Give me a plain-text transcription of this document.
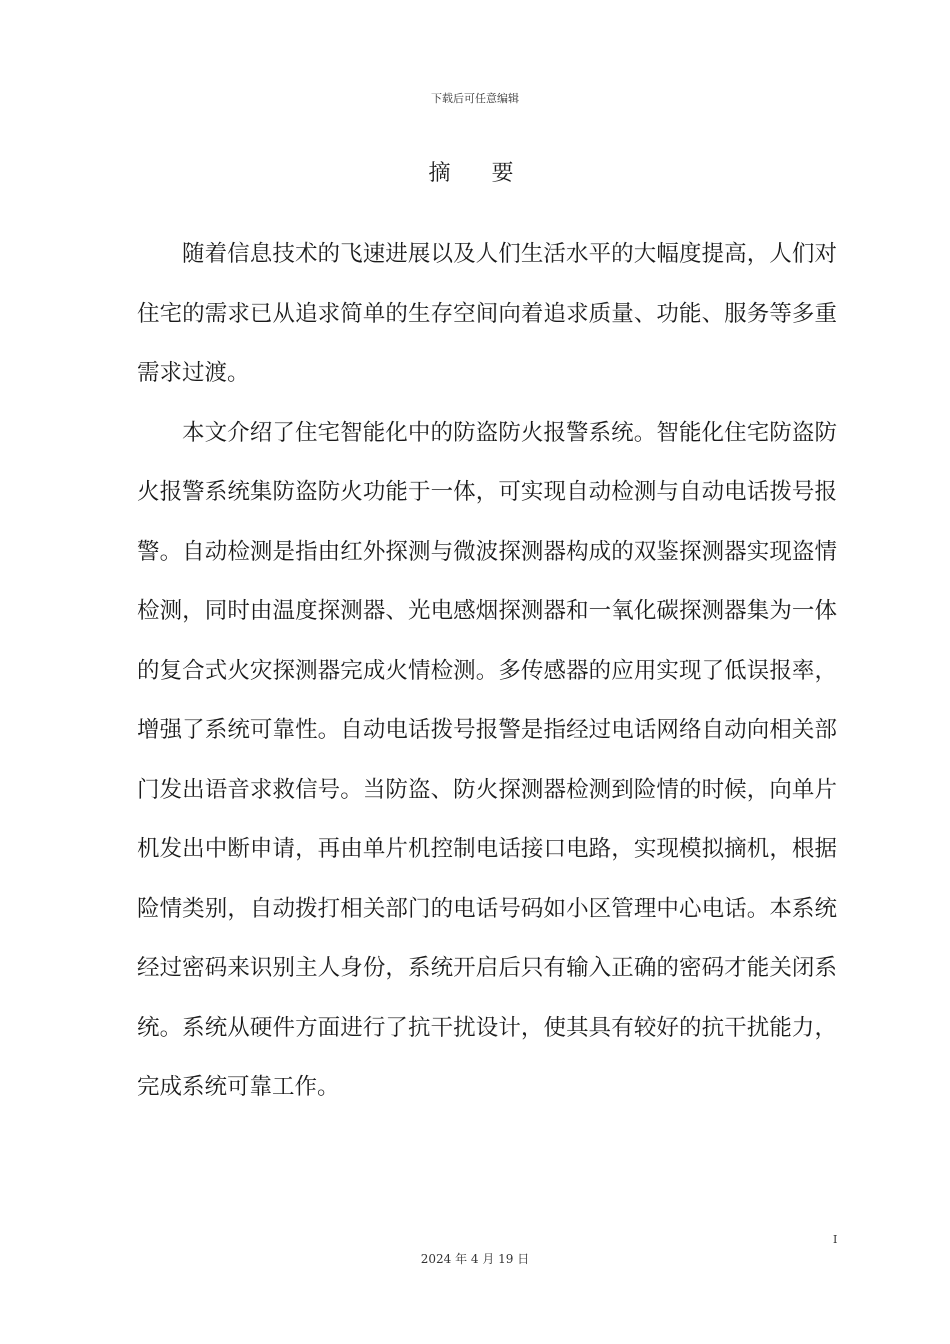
下载后可任意编辑
摘 要

随着信息技术的飞速进展以及人们生活水平的大幅度提高，人们对住宅的需求已从追求简单的生存空间向着追求质量、功能、服务等多重需求过渡。

本文介绍了住宅智能化中的防盗防火报警系统。智能化住宅防盗防火报警系统集防盗防火功能于一体，可实现自动检测与自动电话拨号报警。自动检测是指由红外探测与微波探测器构成的双鉴探测器实现盗情检测，同时由温度探测器、光电感烟探测器和一氧化碳探测器集为一体的复合式火灾探测器完成火情检测。多传感器的应用实现了低误报率，增强了系统可靠性。自动电话拨号报警是指经过电话网络自动向相关部门发出语音求救信号。当防盗、防火探测器检测到险情的时候，向单片机发出中断申请，再由单片机控制电话接口电路，实现模拟摘机，根据险情类别，自动拨打相关部门的电话号码如小区管理中心电话。本系统经过密码来识别主人身份，系统开启后只有输入正确的密码才能关闭系统。系统从硬件方面进行了抗干扰设计，使其具有较好的抗干扰能力，完成系统可靠工作。

I
2024 年 4 月 19 日
